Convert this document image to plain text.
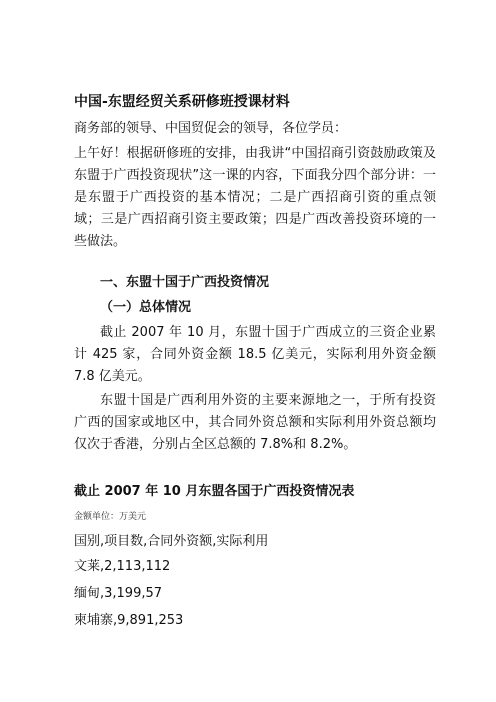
中国-东盟经贸关系研修班授课材料

商务部的领导、中国贸促会的领导，各位学员：

上午好！根据研修班的安排，由我讲“中国招商引资鼓励政策及东盟于广西投资现状”这一课的内容，下面我分四个部分讲：一是东盟于广西投资的基本情况；二是广西招商引资的重点领域；三是广西招商引资主要政策；四是广西改善投资环境的一些做法。

一、东盟十国于广西投资情况

（一）总体情况

截止 2007 年 10 月，东盟十国于广西成立的三资企业累计 425 家，合同外资金额 18.5 亿美元，实际利用外资金额 7.8 亿美元。

东盟十国是广西利用外资的主要来源地之一，于所有投资广西的国家或地区中，其合同外资总额和实际利用外资总额均仅次于香港，分别占全区总额的 7.8%和 8.2%。

截止 2007 年 10 月东盟各国于广西投资情况表

金额单位：万美元

国别,项目数,合同外资额,实际利用

文莱,2,113,112

缅甸,3,199,57

柬埔寨,9,891,253
